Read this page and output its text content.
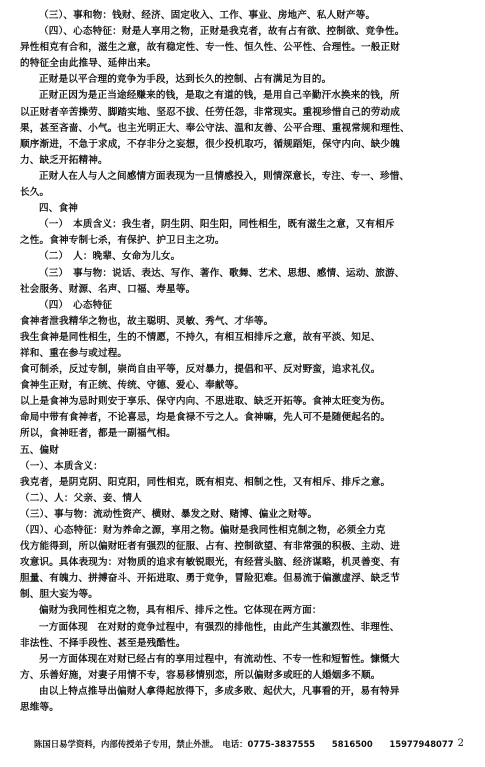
（三）、事和物：钱财、经济、固定收入、工作、事业、房地产、私人财产等。
（四）、心态特征：财是人享用之物，正财是我克者，故有占有欲、控制欲、竞争性。
异性相克有合和，滋生之意，故有稳定性、专一性、恒久性、公平性、合理性。一般正财
的特征全由此推导、延伸出来。
正财是以平合理的竞争为手段，达到长久的控制、占有满足为目的。
正财正因为是正当途经赚来的钱，是取之有道的钱，是用自己辛勤汗水换来的钱，所
以正财者辛苦操劳、脚踏实地、坚忍不拔、任劳任怨，非常现实。重视珍惜自己的劳动成
果，甚至吝啬、小气。也主光明正大、奉公守法、温和友善、公平合理、重视常规和理性、
顺序渐进，不急于求成，不存非分之妄想，很少投机取巧，循规蹈矩，保守内向、缺少魄
力、缺乏开拓精神。
正财人在人与人之间感情方面表现为一旦情感投入，则情深意长，专注、专一、珍惜、
长久。
四、食神
（一）　本质含义：我生者，阴生阴、阳生阳，同性相生，既有滋生之意，又有相斥
之性。食神专制七杀，有保护、护卫日主之功。
（二）　人：晚辈、女命为儿女。
（三）　事与物：说话、表达、写作、著作、歌舞、艺术、思想、感情、运动、旅游、
社会服务、财源、名声、口福、寿星等。
（四）　心态特征
食神者泄我精华之物也，故主聪明、灵敏、秀气、才华等。
我生食神是同性相生，生的不情愿，不持久，有相互相排斥之意，故有平淡、知足、
祥和、重在参与或过程。
食可制杀，反过专制，崇尚自由平等，反对暴力，提倡和平、反对野蛮，追求礼仪。
食神生正财，有正统、传统、守德、爱心、奉献等。
以上是食神为忌时则安于享乐、保守内向、不思进取、缺乏开拓等。食神太旺变为伤。
命局中带有食神者，不论喜忌，均是食禄不亏之人。食神嘛，先人可不是随便起名的。
所以，食神旺者，都是一副福气相。
五、偏财
（一）、本质含义：
我克者，是阴克阴、阳克阳，同性相克，既有相克、相制之性，又有相斥、排斥之意。
（二）、人：父亲、妾、情人
（三）、事与物：流动性资产、横财、暴发之财、赌博、偏业之财等。
（四）、心态特征：财为养命之源，享用之物。偏财是我同性相克制之物，必须全力克
伐方能得到，所以偏财旺者有强烈的征服、占有、控制欲望、有非常强的积极、主动、进
攻意识。具体表现为：对物质的追求有敏锐眼光，有经营头脑、经济谋略，机灵善变、有
胆量、有魄力、拼搏奋斗、开拓进取、勇于竞争，冒险犯难。但易流于偏激虚浮、缺乏节
制、胆大妄为等。
偏财为我同性相克之物，具有相斥、排斥之性。它体现在两方面：
一方面体现　在对财的竞争过程中，有强烈的排他性，由此产生其激烈性、非理性、
非法性、不择手段性、甚至是残酷性。
另一方面体现在对财已经占有的享用过程中，有流动性、不专一性和短暂性。慷慨大
方、乐善好施，对妻子用情不专，容易移情别恋，所以偏财多或旺的人婚姻多不顺。
由以上特点推导出偏财人拿得起放得下，多成多败、起伏大，凡事看的开，易有特异
思维等。
陈国日易学资料，内部传授弟子专用，禁止外泄。　电话：0775-3837555　　5816500　　15977948077 2
